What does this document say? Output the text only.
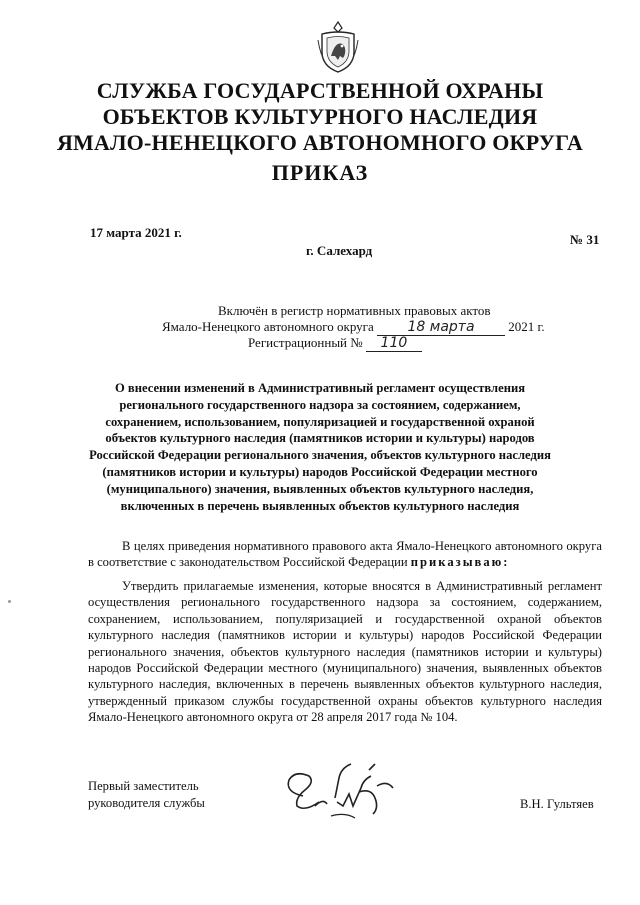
СЛУЖБА ГОСУДАРСТВЕННОЙ ОХРАНЫ
ОБЪЕКТОВ КУЛЬТУРНОГО НАСЛЕДИЯ
ЯМАЛО-НЕНЕЦКОГО АВТОНОМНОГО ОКРУГА
ПРИКАЗ
17 марта 2021 г.	№ 31
г. Салехард
Включён в регистр нормативных правовых актов
Ямало-Ненецкого автономного округа 18 марта	2021 г.
Регистрационный № 110
О внесении изменений в Административный регламент осуществления регионального государственного надзора за состоянием, содержанием, сохранением, использованием, популяризацией и государственной охраной объектов культурного наследия (памятников истории и культуры) народов Российской Федерации регионального значения, объектов культурного наследия (памятников истории и культуры) народов Российской Федерации местного (муниципального) значения, выявленных объектов культурного наследия, включенных в перечень выявленных объектов культурного наследия
В целях приведения нормативного правового акта Ямало-Ненецкого автономного округа в соответствие с законодательством Российской Федерации приказываю:
Утвердить прилагаемые изменения, которые вносятся в Административный регламент осуществления регионального государственного надзора за состоянием, содержанием, сохранением, использованием, популяризацией и государственной охраной объектов культурного наследия (памятников истории и культуры) народов Российской Федерации регионального значения, объектов культурного наследия (памятников истории и культуры) народов Российской Федерации местного (муниципального) значения, выявленных объектов культурного наследия, включенных в перечень выявленных объектов культурного наследия, утвержденный приказом службы государственной охраны объектов культурного наследия Ямало-Ненецкого автономного округа от 28 апреля 2017 года № 104.
Первый заместитель
руководителя службы	В.Н. Гультяев
